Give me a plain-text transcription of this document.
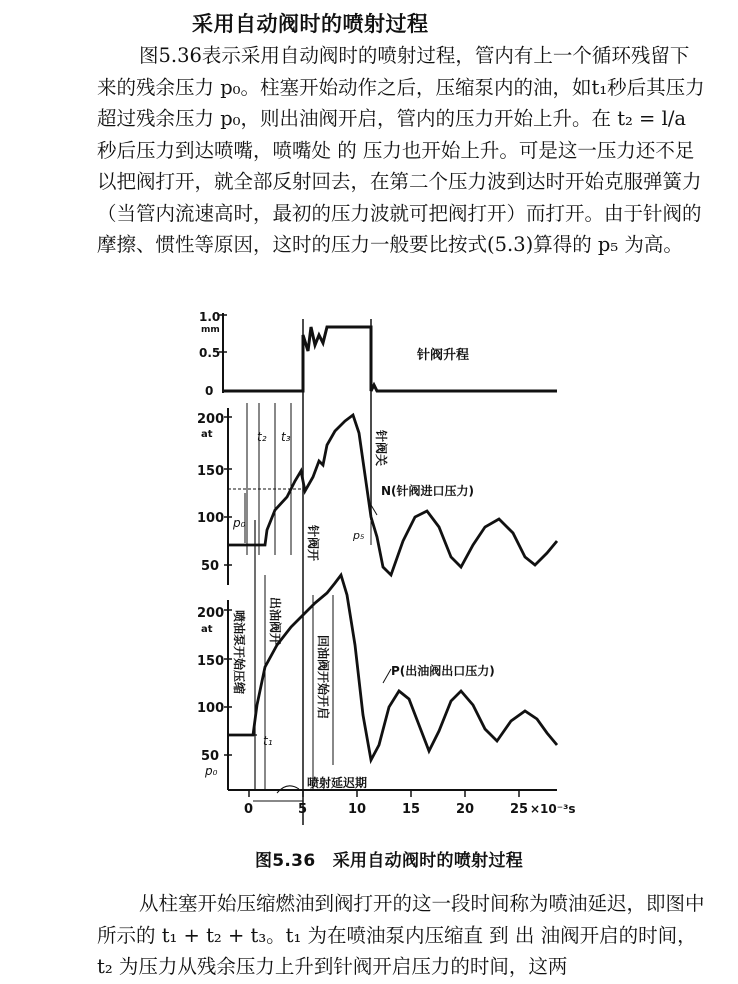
采用自动阀时的喷射过程
图5.36表示采用自动阀时的喷射过程，管内有上一个循环残留下来的残余压力 p₀。柱塞开始动作之后，压缩泵内的油，如t₁秒后其压力超过残余压力 p₀，则出油阀开启，管内的压力开始上升。在 t₂ = l/a 秒后压力到达喷嘴，喷嘴处 的 压力也开始上升。可是这一压力还不足以把阀打开，就全部反射回去，在第二个压力波到达时开始克服弹簧力（当管内流速高时，最初的压力波就可把阀打开）而打开。由于针阀的摩擦、惯性等原因，这时的压力一般要比按式(5.3)算得的 p₅ 为高。
1.0
mm
0.5
0
针阀升程
200
at
150
100
50
p₀
p₅
t₂ t₃
N(针阀进口压力)
针阀关
针阀开
200
at
150
100
50
p₀
t₁
P(出油阀出口压力)
喷油泵开始压缩 出油阀开
回油阀开始开启
喷射延迟期
0	5	10	15	20	25 ×10⁻³s
图5.36　采用自动阀时的喷射过程
从柱塞开始压缩燃油到阀打开的这一段时间称为喷油延迟，即图中所示的 t₁ + t₂ + t₃。t₁ 为在喷油泵内压缩直 到 出 油阀开启的时间，t₂ 为压力从残余压力上升到针阀开启压力的时间，这两
